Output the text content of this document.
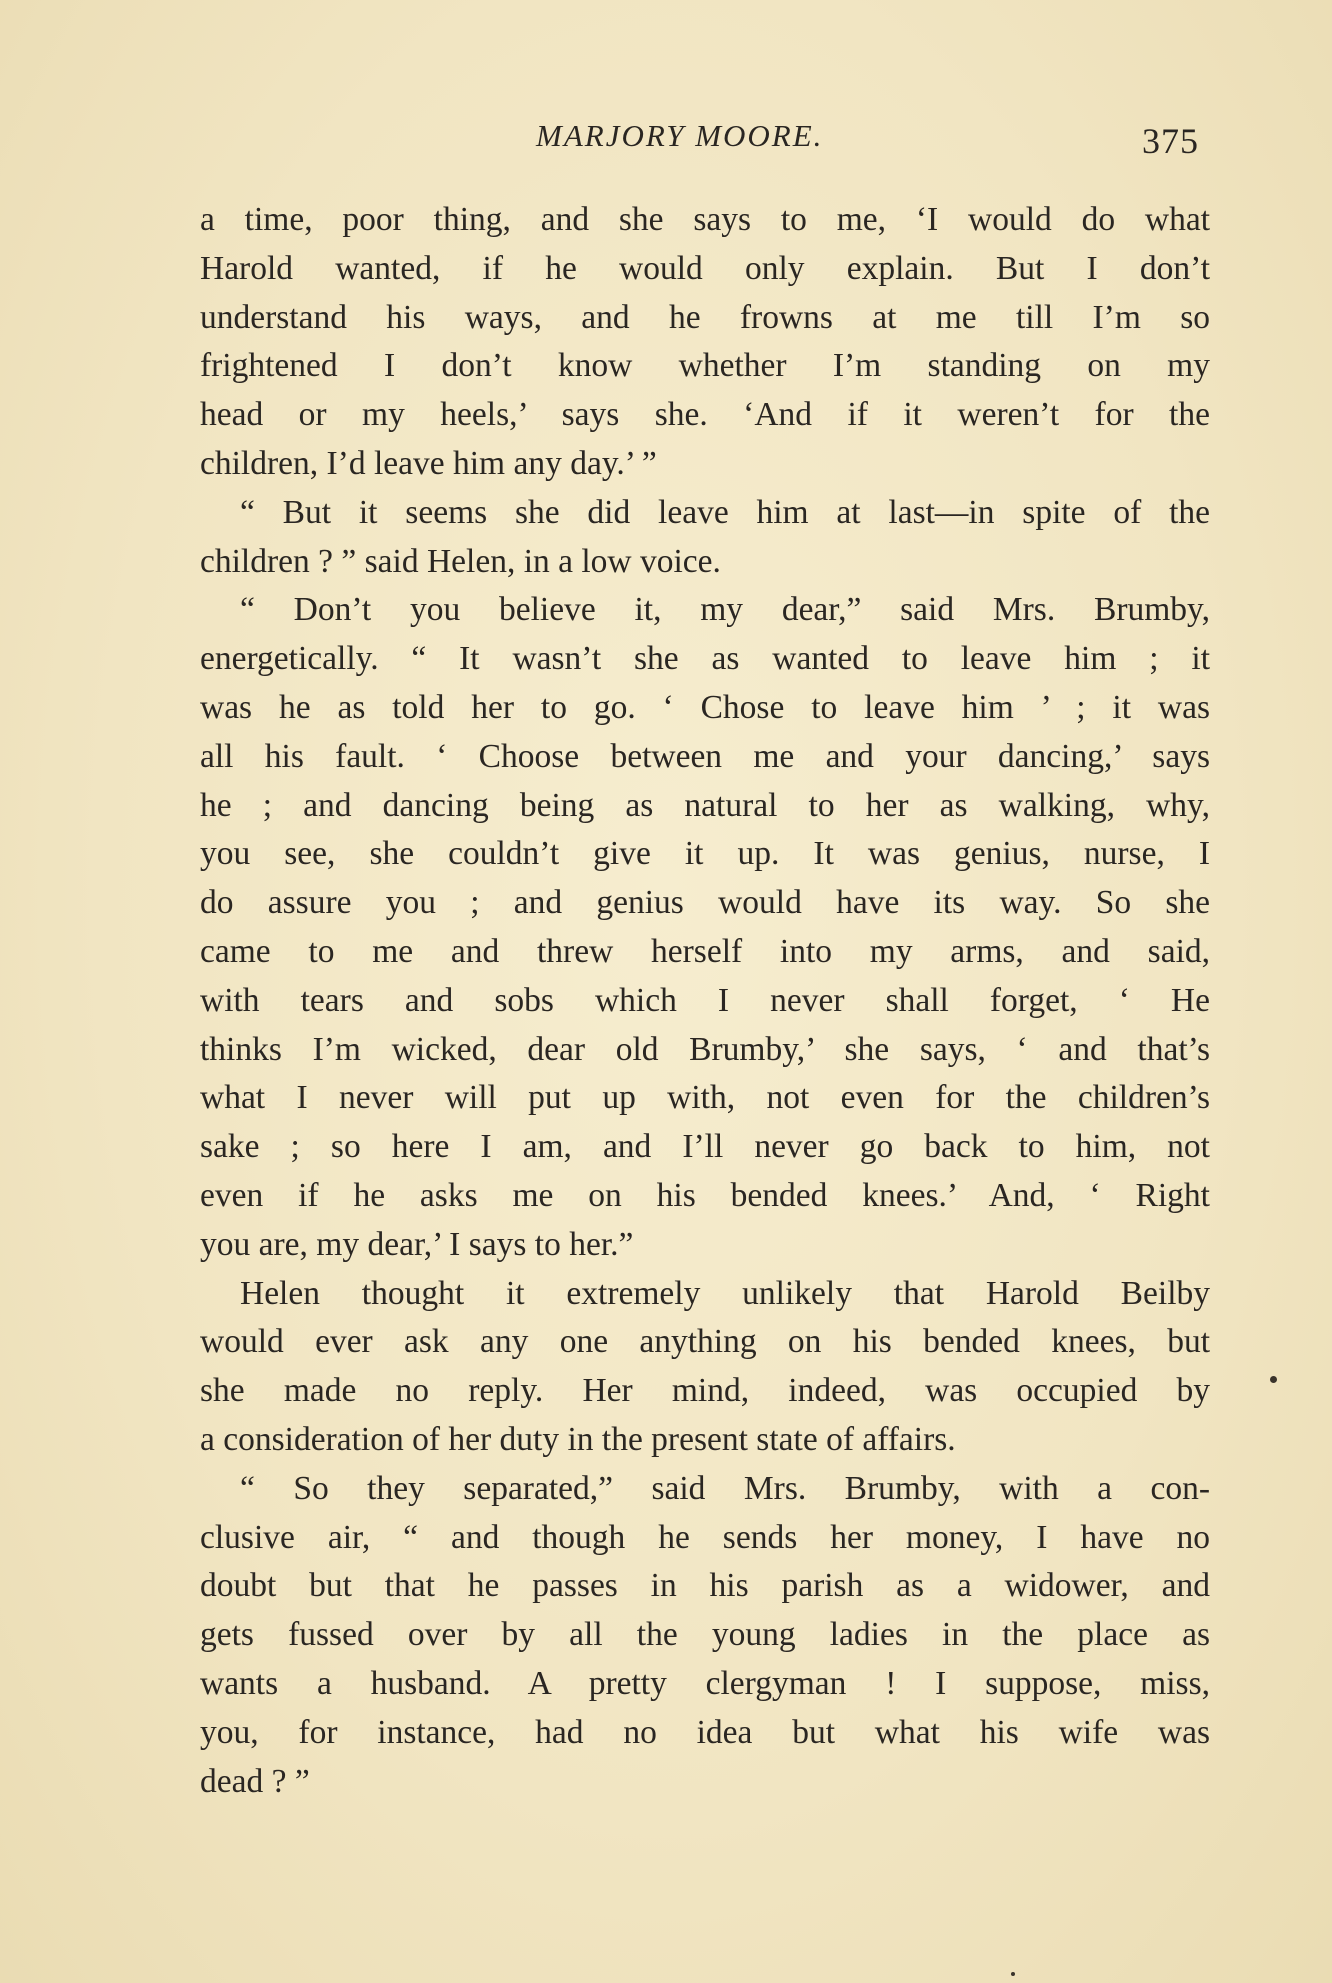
MARJORY MOORE.	375
a time, poor thing, and she says to me, ‘I would do what
Harold wanted, if he would only explain. But I don’t
understand his ways, and he frowns at me till I’m so
frightened I don’t know whether I’m standing on my
head or my heels,’ says she. ‘And if it weren’t for the
children, I’d leave him any day.’ ”
“ But it seems she did leave him at last—in spite of the
children ? ” said Helen, in a low voice.
“ Don’t you believe it, my dear,” said Mrs. Brumby,
energetically. “ It wasn’t she as wanted to leave him ; it
was he as told her to go. ‘ Chose to leave him ’ ; it was
all his fault. ‘ Choose between me and your dancing,’ says
he ; and dancing being as natural to her as walking, why,
you see, she couldn’t give it up. It was genius, nurse, I
do assure you ; and genius would have its way. So she
came to me and threw herself into my arms, and said,
with tears and sobs which I never shall forget, ‘ He
thinks I’m wicked, dear old Brumby,’ she says, ‘ and that’s
what I never will put up with, not even for the children’s
sake ; so here I am, and I’ll never go back to him, not
even if he asks me on his bended knees.’ And, ‘ Right
you are, my dear,’ I says to her.”
Helen thought it extremely unlikely that Harold Beilby
would ever ask any one anything on his bended knees, but
she made no reply. Her mind, indeed, was occupied by
a consideration of her duty in the present state of affairs.
“ So they separated,” said Mrs. Brumby, with a con-
clusive air, “ and though he sends her money, I have no
doubt but that he passes in his parish as a widower, and
gets fussed over by all the young ladies in the place as
wants a husband. A pretty clergyman ! I suppose, miss,
you, for instance, had no idea but what his wife was
dead ? ”
